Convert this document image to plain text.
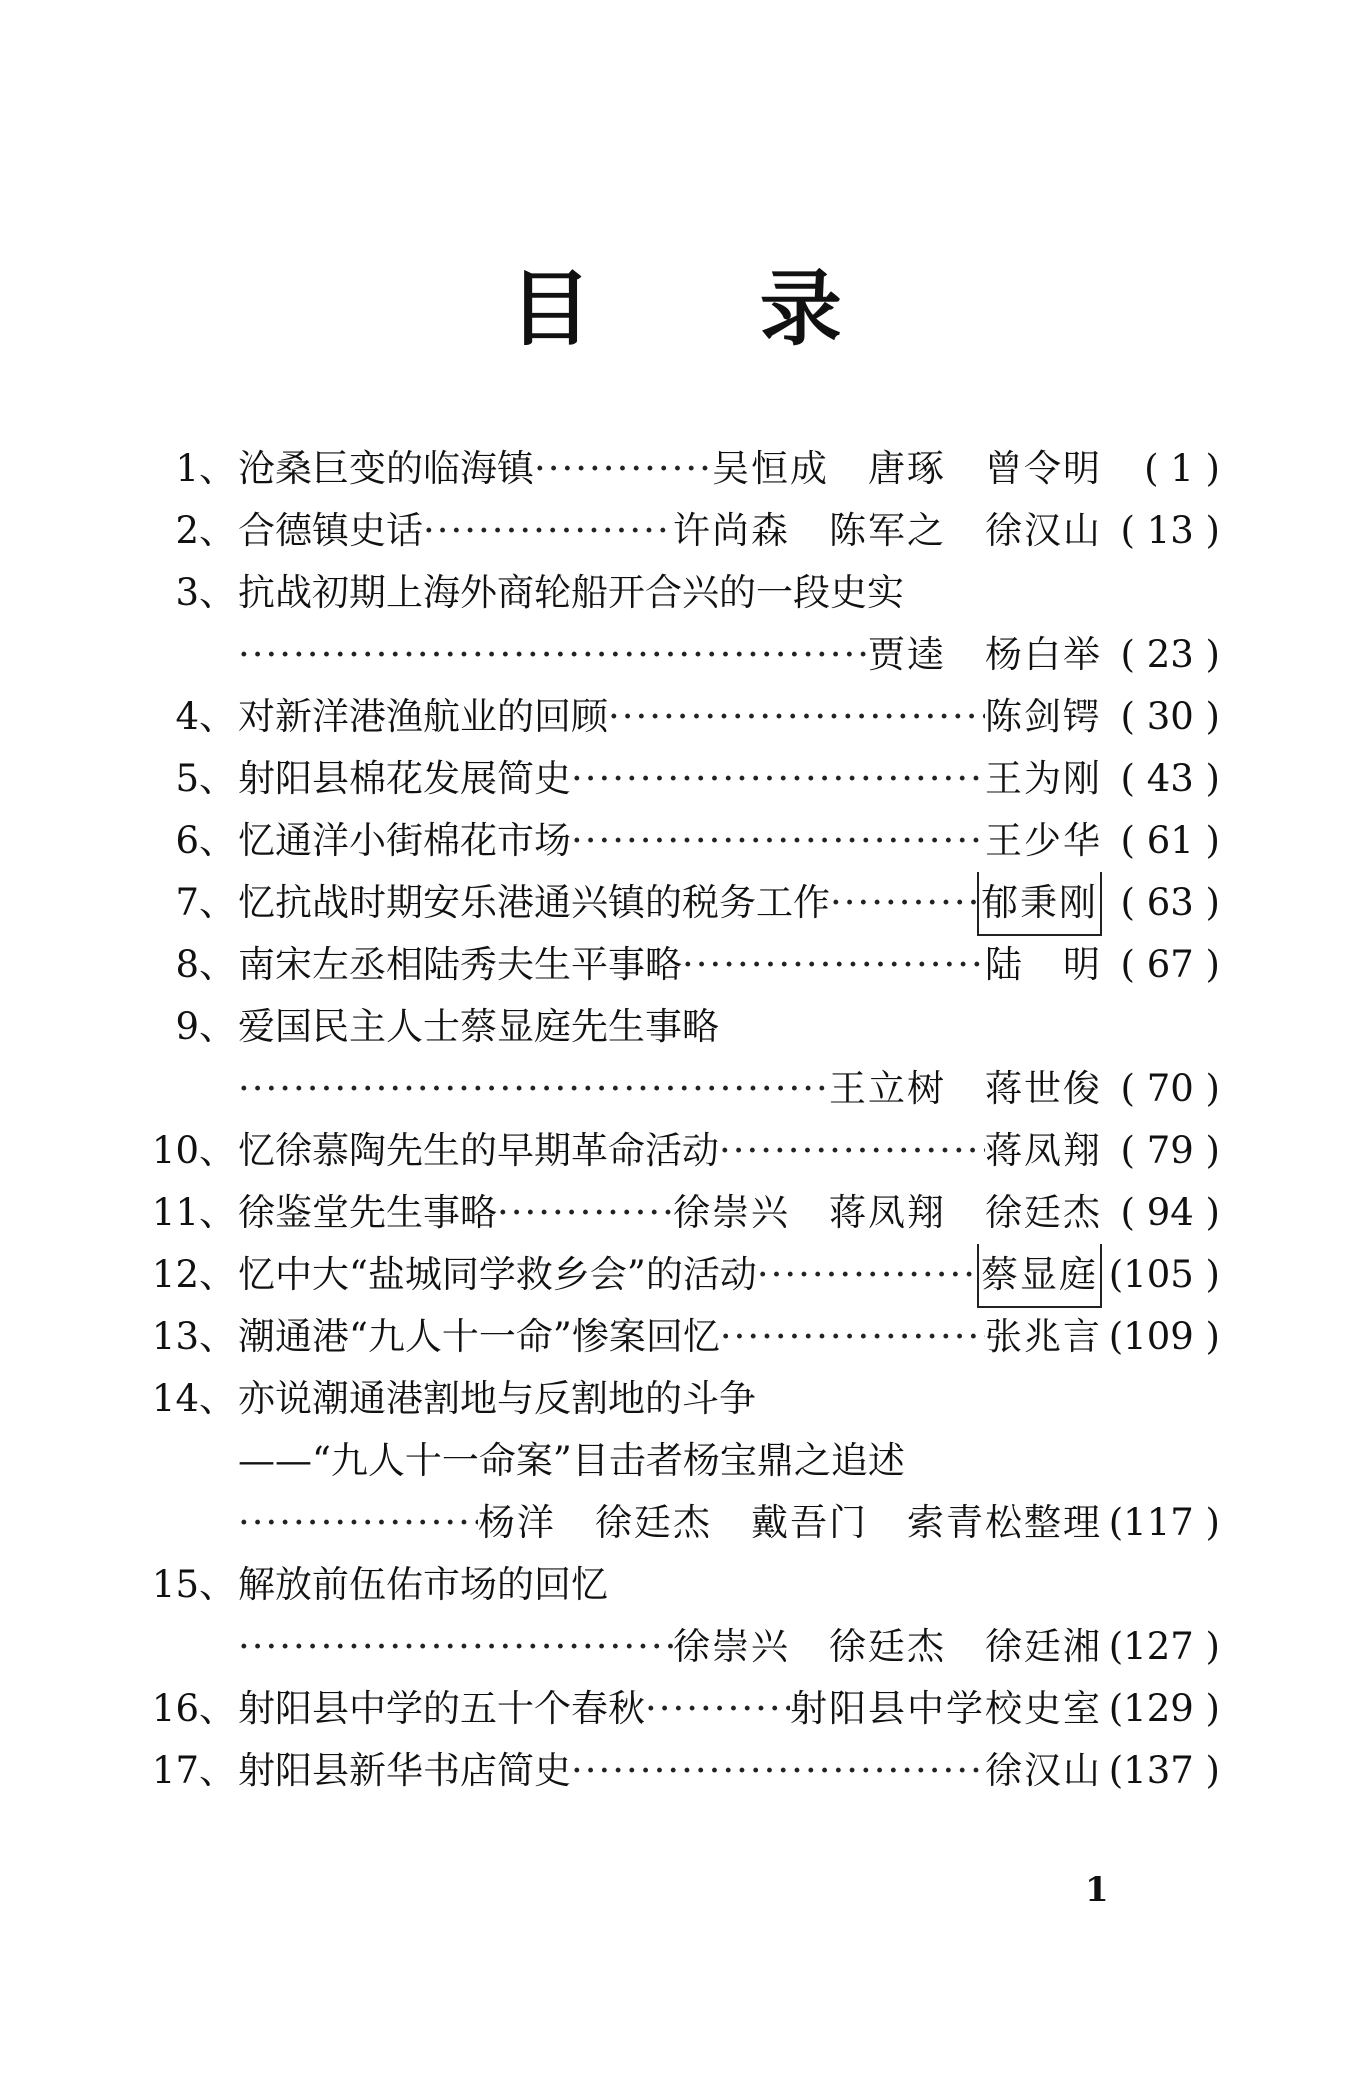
目 录
1、 沧桑巨变的临海镇 ·····	吴恒成　唐琢　曾令明	( 1 )
2、 合德镇史话 ·····	许尚森　陈军之　徐汉山 ( 13 )
3、 抗战初期上海外商轮船开合兴的一段史实
·····
贾逵　杨白举 ( 23 )
4、 对新洋港渔航业的回顾 ·····	陈剑锷 ( 30 )
5、 射阳县棉花发展简史 ·····	王为刚 ( 43 )
6、 忆通洋小街棉花市场 ·····	王少华 ( 61 )
7、 忆抗战时期安乐港通兴镇的税务工作 ·····	郁秉刚 ( 63 )
8、 南宋左丞相陆秀夫生平事略 ·····	陆　明 ( 67 )
9、 爱国民主人士蔡显庭先生事略
·····
王立树　蒋世俊 ( 70 )
10、 忆徐慕陶先生的早期革命活动 ·····	蒋凤翔 ( 79 )
11、 徐鉴堂先生事略 ·····	徐崇兴　蒋凤翔　徐廷杰 ( 94 )
12、 忆中大“盐城同学救乡会”的活动 ·····	蔡显庭 (105 )
13、 潮通港“九人十一命”惨案回忆 ·····	张兆言 (109 )
14、 亦说潮通港割地与反割地的斗争
——“九人十一命案”目击者杨宝鼎之追述
·····
杨洋　徐廷杰　戴吾门　索青松整理 (117 )
15、 解放前伍佑市场的回忆
·····
徐崇兴　徐廷杰　徐廷湘 (127 )
16、 射阳县中学的五十个春秋 ·····	射阳县中学校史室 (129 )
17、 射阳县新华书店简史 ·····	徐汉山 (137 )
1
